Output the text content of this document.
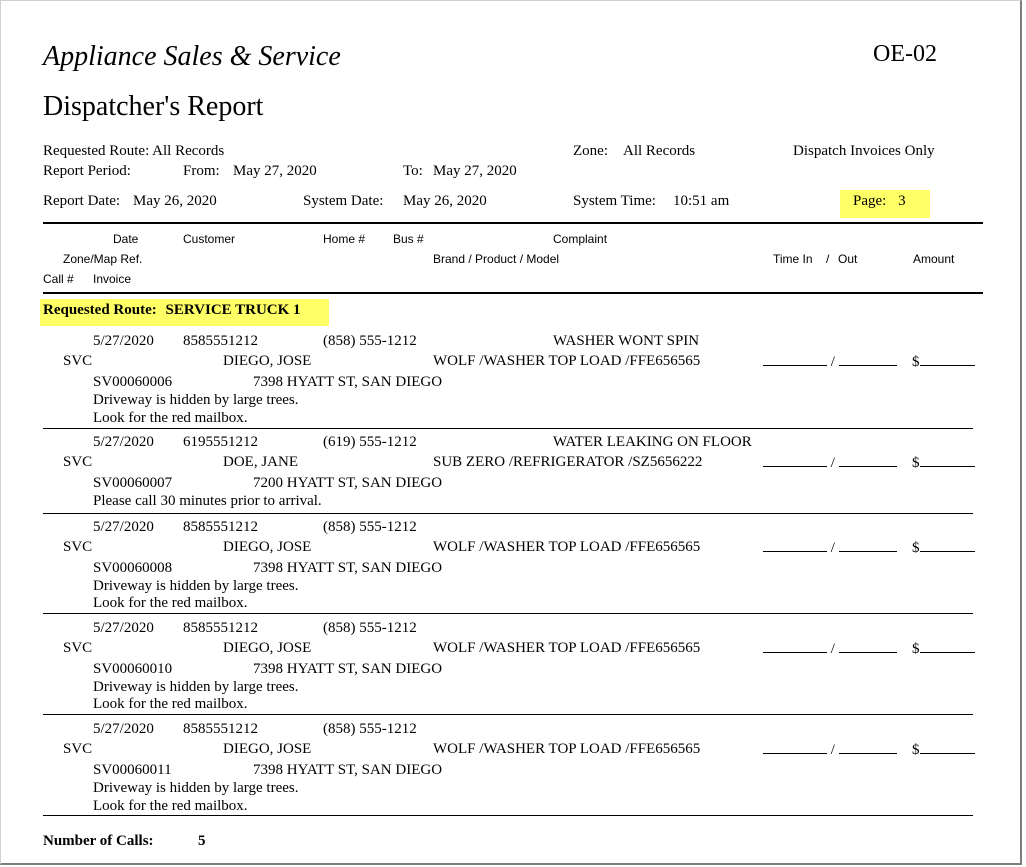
Appliance Sales & Service	OE-02
Dispatcher's Report
Requested Route: All Records	Zone: All Records	Dispatch Invoices Only
Report Period:	From: May 27, 2020	To: May 27, 2020
Report Date: May 26, 2020	System Date: May 26, 2020	System Time: 10:51 am	Page: 3
Date	Customer	Home # Bus #	Complaint
Zone/Map Ref.	Brand / Product / Model	Time In / Out	Amount
Call # Invoice
Requested Route: SERVICE TRUCK 1
5/27/2020 8585551212	(858) 555-1212	WASHER WONT SPIN
SVC	DIEGO, JOSE	WOLF /WASHER TOP LOAD /FFE656565	/	$
SV00060006	7398 HYATT ST, SAN DIEGO
Driveway is hidden by large trees.
Look for the red mailbox.
5/27/2020 6195551212	(619) 555-1212	WATER LEAKING ON FLOOR
SVC	DOE, JANE	SUB ZERO /REFRIGERATOR /SZ5656222	/	$
SV00060007	7200 HYATT ST, SAN DIEGO
Please call 30 minutes prior to arrival.
5/27/2020 8585551212	(858) 555-1212
SVC	DIEGO, JOSE	WOLF /WASHER TOP LOAD /FFE656565	/	$
SV00060008	7398 HYATT ST, SAN DIEGO
Driveway is hidden by large trees.
Look for the red mailbox.
5/27/2020 8585551212	(858) 555-1212
SVC	DIEGO, JOSE	WOLF /WASHER TOP LOAD /FFE656565	/	$
SV00060010	7398 HYATT ST, SAN DIEGO
Driveway is hidden by large trees.
Look for the red mailbox.
5/27/2020 8585551212	(858) 555-1212
SVC	DIEGO, JOSE	WOLF /WASHER TOP LOAD /FFE656565	/	$
SV00060011	7398 HYATT ST, SAN DIEGO
Driveway is hidden by large trees.
Look for the red mailbox.
Number of Calls:	5
